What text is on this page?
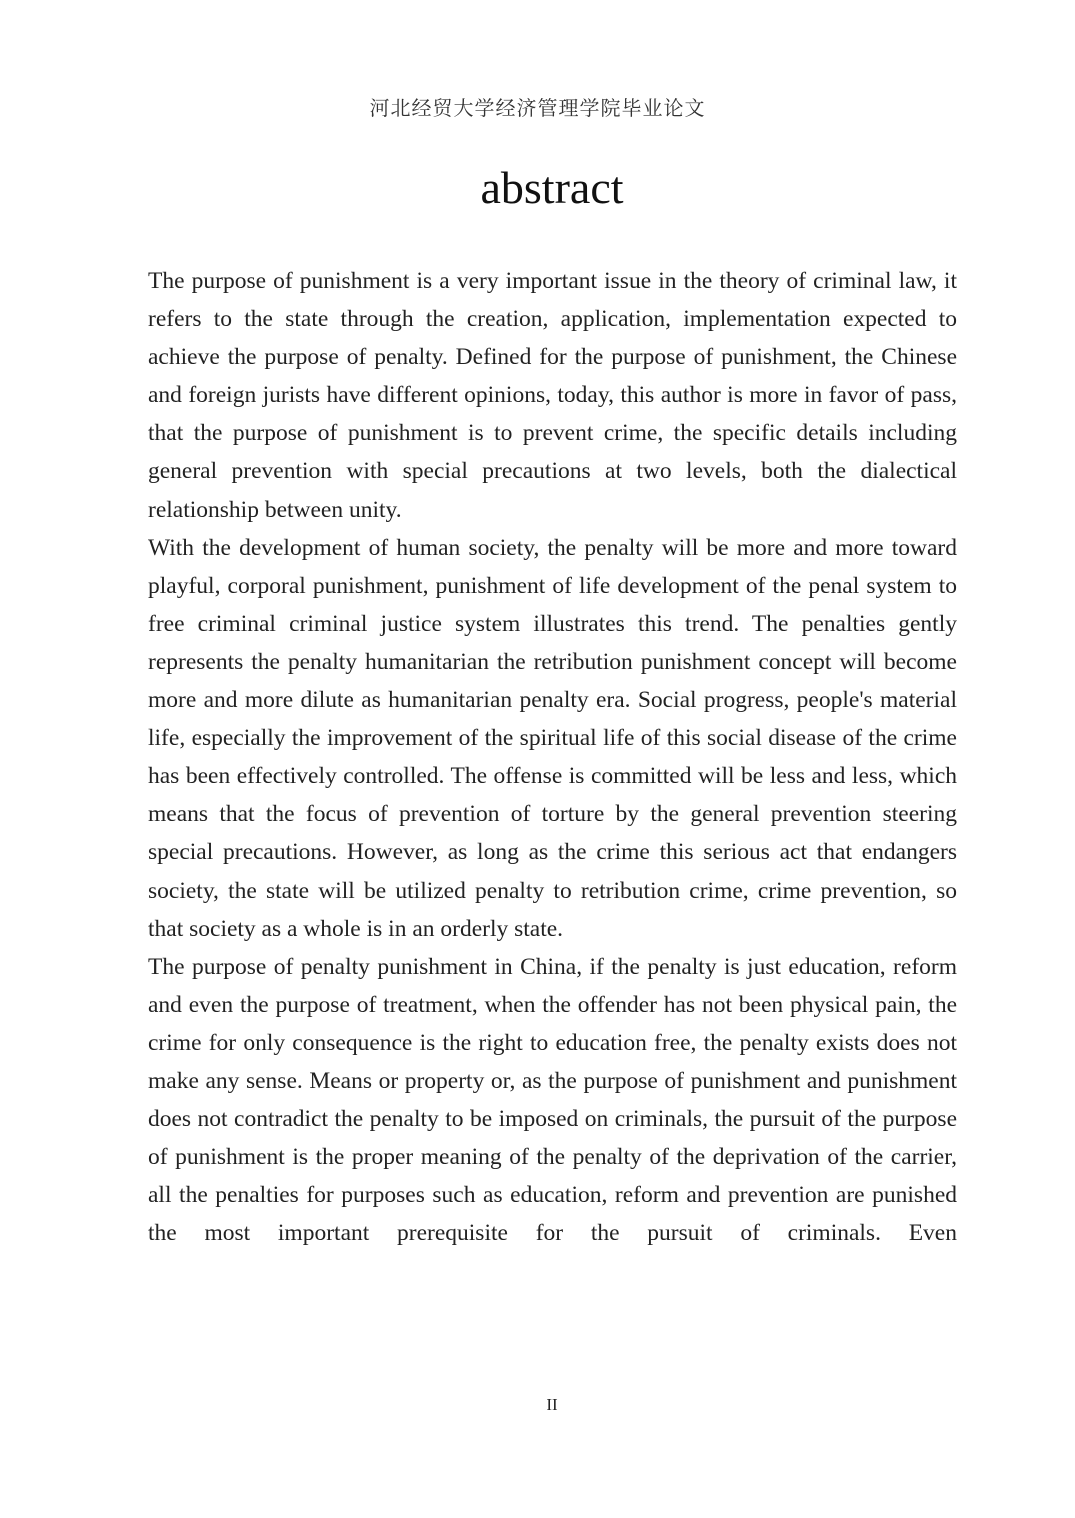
河北经贸大学经济管理学院毕业论文
abstract

The purpose of punishment is a very important issue in the theory of criminal law, it refers to the state through the creation, application, implementation expected to achieve the purpose of penalty. Defined for the purpose of punishment, the Chinese and foreign jurists have different opinions, today, this author is more in favor of pass, that the purpose of punishment is to prevent crime, the specific details including general prevention with special precautions at two levels, both the dialectical relationship between unity.

With the development of human society, the penalty will be more and more toward playful, corporal punishment, punishment of life development of the penal system to free criminal criminal justice system illustrates this trend. The penalties gently represents the penalty humanitarian the retribution punishment concept will become more and more dilute as humanitarian penalty era. Social progress, people's material life, especially the improvement of the spiritual life of this social disease of the crime has been effectively controlled. The offense is committed will be less and less, which means that the focus of prevention of torture by the general prevention steering special precautions. However, as long as the crime this serious act that endangers society, the state will be utilized penalty to retribution crime, crime prevention, so that society as a whole is in an orderly state.

The purpose of penalty punishment in China, if the penalty is just education, reform and even the purpose of treatment, when the offender has not been physical pain, the crime for only consequence is the right to education free, the penalty exists does not make any sense. Means or property or, as the purpose of punishment and punishment does not contradict the penalty to be imposed on criminals, the pursuit of the purpose of punishment is the proper meaning of the penalty of the deprivation of the carrier, all the penalties for purposes such as education, reform and prevention are punished the most important prerequisite for the pursuit of criminals. Even

II
